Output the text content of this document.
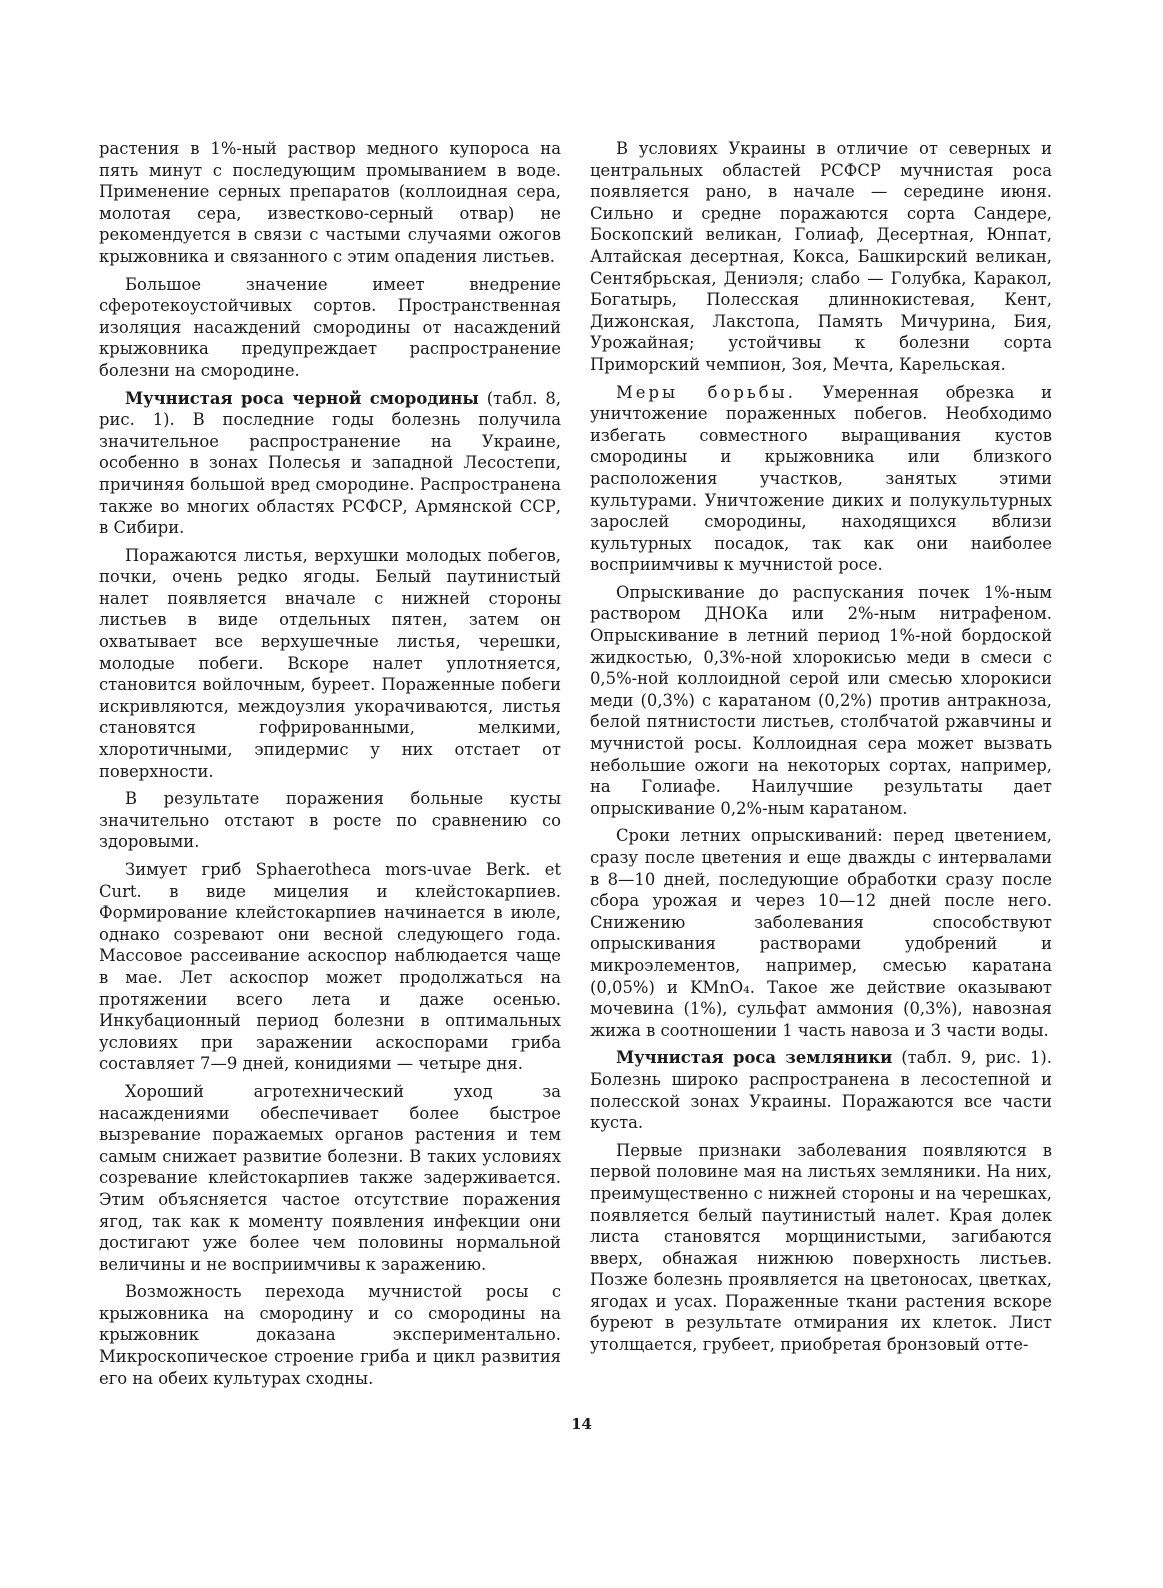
растения в 1%-ный раствор медного купороса на пять минут с последующим промыванием в воде. Применение серных препаратов (коллоидная сера, молотая сера, известково-серный отвар) не рекомендуется в связи с частыми случаями ожогов крыжовника и связанного с этим опадения листьев.

Большое значение имеет внедрение сферотекоустойчивых сортов. Пространственная изоляция насаждений смородины от насаждений крыжовника предупреждает распространение болезни на смородине.

Мучнистая роса черной смородины (табл. 8, рис. 1). В последние годы болезнь получила значительное распространение на Украине, особенно в зонах Полесья и западной Лесостепи, причиняя большой вред смородине. Распространена также во многих областях РСФСР, Армянской ССР, в Сибири.

Поражаются листья, верхушки молодых побегов, почки, очень редко ягоды. Белый паутинистый налет появляется вначале с нижней стороны листьев в виде отдельных пятен, затем он охватывает все верхушечные листья, черешки, молодые побеги. Вскоре налет уплотняется, становится войлочным, буреет. Пораженные побеги искривляются, междоузлия укорачиваются, листья становятся гофрированными, мелкими, хлоротичными, эпидермис у них отстает от поверхности.

В результате поражения больные кусты значительно отстают в росте по сравнению со здоровыми.

Зимует гриб Sphaerotheca mors-uvae Berk. et Curt. в виде мицелия и клейстокарпиев. Формирование клейстокарпиев начинается в июле, однако созревают они весной следующего года. Массовое рассеивание аскоспор наблюдается чаще в мае. Лет аскоспор может продолжаться на протяжении всего лета и даже осенью. Инкубационный период болезни в оптимальных условиях при заражении аскоспорами гриба составляет 7—9 дней, конидиями — четыре дня.

Хороший агротехнический уход за насаждениями обеспечивает более быстрое вызревание поражаемых органов растения и тем самым снижает развитие болезни. В таких условиях созревание клейстокарпиев также задерживается. Этим объясняется частое отсутствие поражения ягод, так как к моменту появления инфекции они достигают уже более чем половины нормальной величины и не восприимчивы к заражению.

Возможность перехода мучнистой росы с крыжовника на смородину и со смородины на крыжовник доказана экспериментально. Микроскопическое строение гриба и цикл развития его на обеих культурах сходны.

В условиях Украины в отличие от северных и центральных областей РСФСР мучнистая роса появляется рано, в начале — середине июня. Сильно и средне поражаются сорта Сандере, Боскопский великан, Голиаф, Десертная, Юнпат, Алтайская десертная, Кокса, Башкирский великан, Сентябрьская, Дениэля; слабо — Голубка, Каракол, Богатырь, Полесская длиннокистевая, Кент, Дижонская, Лакстопа, Память Мичурина, Бия, Урожайная; устойчивы к болезни сорта Приморский чемпион, Зоя, Мечта, Карельская.

Меры борьбы. Умеренная обрезка и уничтожение пораженных побегов. Необходимо избегать совместного выращивания кустов смородины и крыжовника или близкого расположения участков, занятых этими культурами. Уничтожение диких и полукультурных зарослей смородины, находящихся вблизи культурных посадок, так как они наиболее восприимчивы к мучнистой росе.

Опрыскивание до распускания почек 1%-ным раствором ДНОКа или 2%-ным нитрафеном. Опрыскивание в летний период 1%-ной бордоской жидкостью, 0,3%-ной хлорокисью меди в смеси с 0,5%-ной коллоидной серой или смесью хлорокиси меди (0,3%) с каратаном (0,2%) против антракноза, белой пятнистости листьев, столбчатой ржавчины и мучнистой росы. Коллоидная сера может вызвать небольшие ожоги на некоторых сортах, например, на Голиафе. Наилучшие результаты дает опрыскивание 0,2%-ным каратаном.

Сроки летних опрыскиваний: перед цветением, сразу после цветения и еще дважды с интервалами в 8—10 дней, последующие обработки сразу после сбора урожая и через 10—12 дней после него. Снижению заболевания способствуют опрыскивания растворами удобрений и микроэлементов, например, смесью каратана (0,05%) и KMnO₄. Такое же действие оказывают мочевина (1%), сульфат аммония (0,3%), навозная жижа в соотношении 1 часть навоза и 3 части воды.

Мучнистая роса земляники (табл. 9, рис. 1). Болезнь широко распространена в лесостепной и полесской зонах Украины. Поражаются все части куста.

Первые признаки заболевания появляются в первой половине мая на листьях земляники. На них, преимущественно с нижней стороны и на черешках, появляется белый паутинистый налет. Края долек листа становятся морщинистыми, загибаются вверх, обнажая нижнюю поверхность листьев. Позже болезнь проявляется на цветоносах, цветках, ягодах и усах. Пораженные ткани растения вскоре буреют в результате отмирания их клеток. Лист утолщается, грубеет, приобретая бронзовый отте-

14
